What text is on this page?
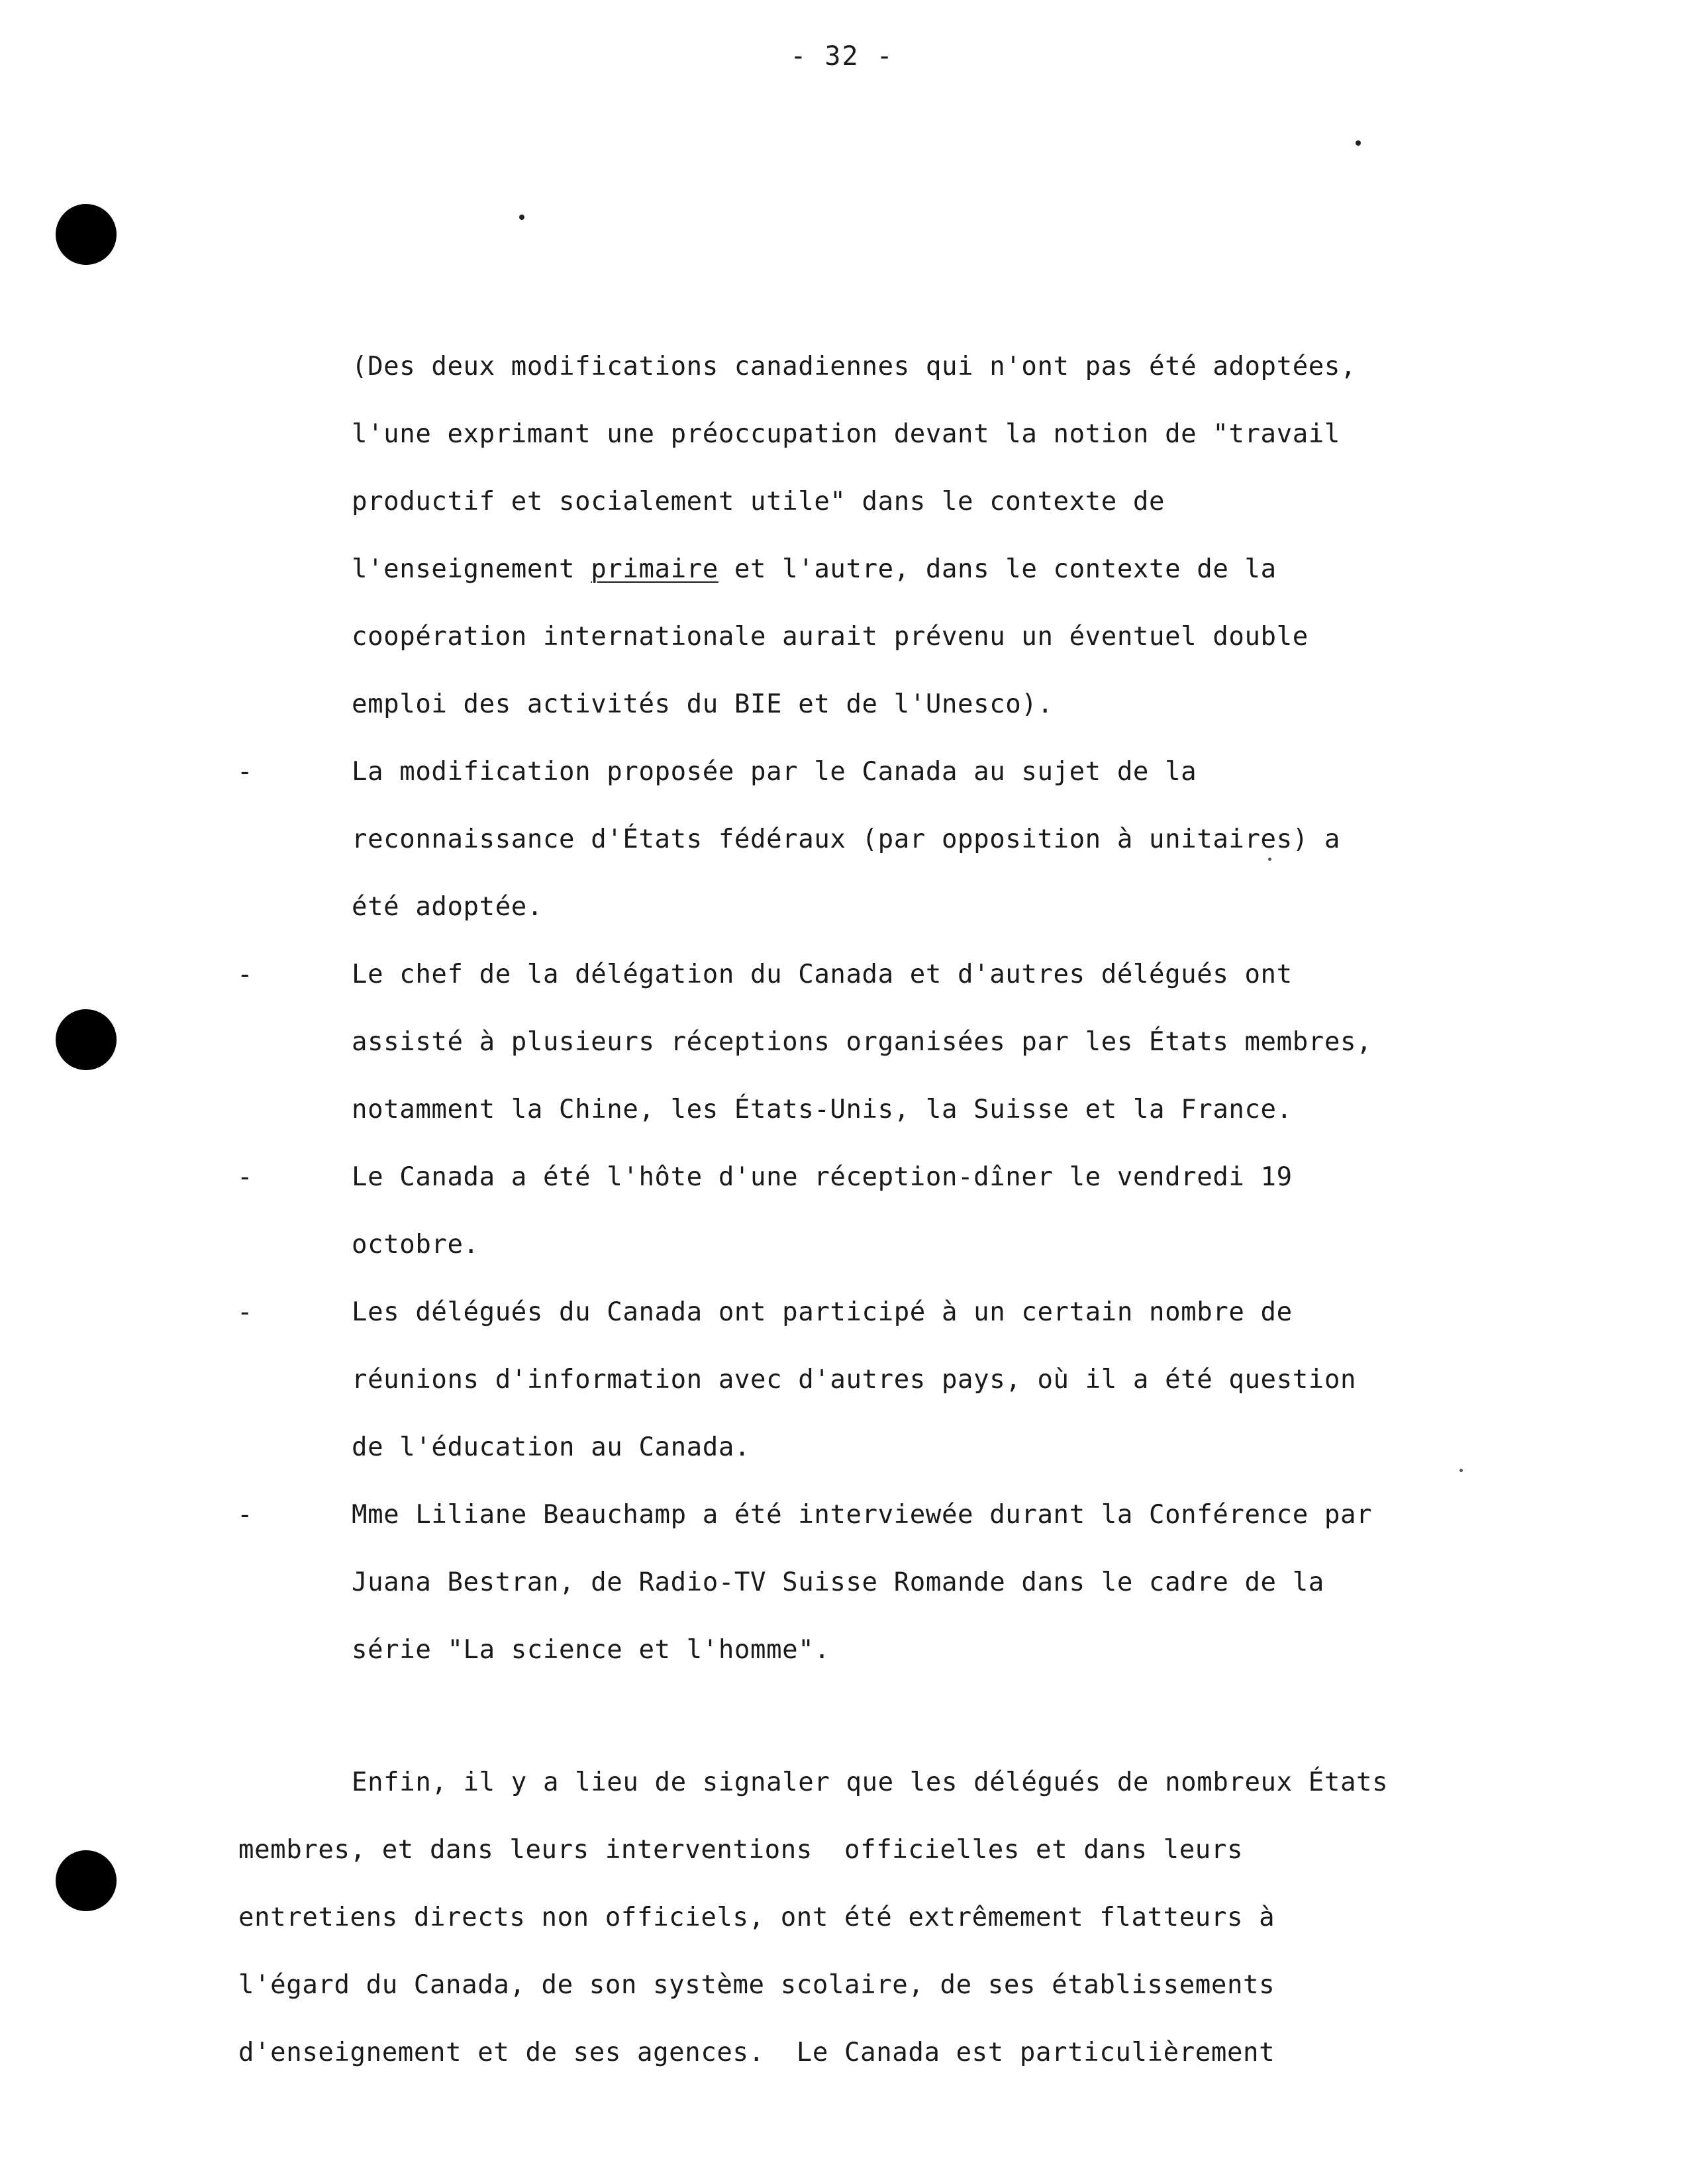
- 32 -
(Des deux modifications canadiennes qui n'ont pas été adoptées,
l'une exprimant une préoccupation devant la notion de "travail
productif et socialement utile" dans le contexte de
l'enseignement primaire et l'autre, dans le contexte de la
coopération internationale aurait prévenu un éventuel double
emploi des activités du BIE et de l'Unesco).
-	La modification proposée par le Canada au sujet de la
reconnaissance d'États fédéraux (par opposition à unitaires) a
été adoptée.
-	Le chef de la délégation du Canada et d'autres délégués ont
assisté à plusieurs réceptions organisées par les États membres,
notamment la Chine, les États-Unis, la Suisse et la France.
-	Le Canada a été l'hôte d'une réception-dîner le vendredi 19
octobre.
-	Les délégués du Canada ont participé à un certain nombre de
réunions d'information avec d'autres pays, où il a été question
de l'éducation au Canada.
-	Mme Liliane Beauchamp a été interviewée durant la Conférence par
Juana Bestran, de Radio-TV Suisse Romande dans le cadre de la
série "La science et l'homme".
Enfin, il y a lieu de signaler que les délégués de nombreux États
membres, et dans leurs interventions  officielles et dans leurs
entretiens directs non officiels, ont été extrêmement flatteurs à
l'égard du Canada, de son système scolaire, de ses établissements
d'enseignement et de ses agences.  Le Canada est particulièrement
